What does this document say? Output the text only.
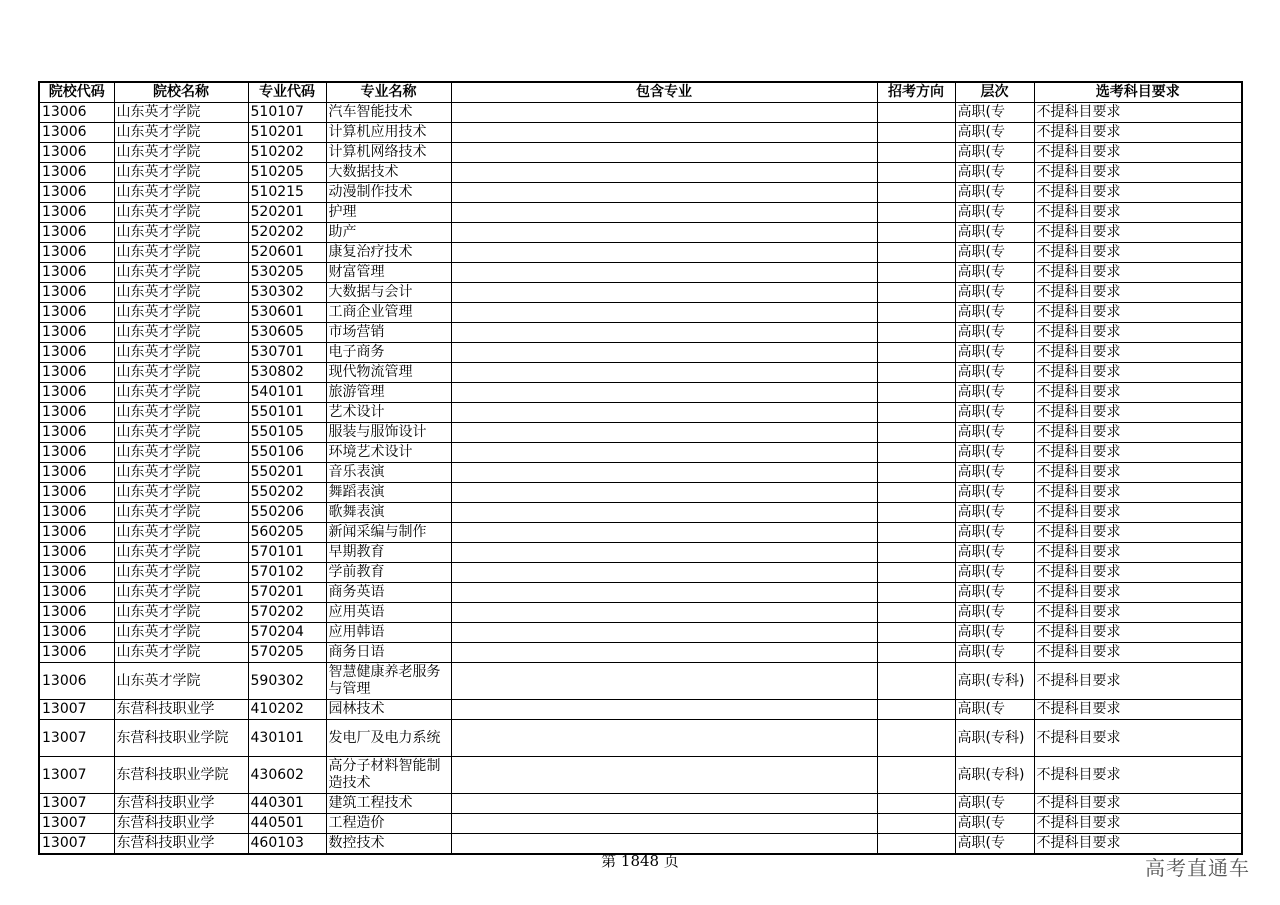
院校代码	院校名称	专业代码	专业名称	包含专业	招考方向	层次	选考科目要求
13006	山东英才学院	510107	汽车智能技术			高职(专	不提科目要求
13006	山东英才学院	510201	计算机应用技术			高职(专	不提科目要求
13006	山东英才学院	510202	计算机网络技术			高职(专	不提科目要求
13006	山东英才学院	510205	大数据技术			高职(专	不提科目要求
13006	山东英才学院	510215	动漫制作技术			高职(专	不提科目要求
13006	山东英才学院	520201	护理			高职(专	不提科目要求
13006	山东英才学院	520202	助产			高职(专	不提科目要求
13006	山东英才学院	520601	康复治疗技术			高职(专	不提科目要求
13006	山东英才学院	530205	财富管理			高职(专	不提科目要求
13006	山东英才学院	530302	大数据与会计			高职(专	不提科目要求
13006	山东英才学院	530601	工商企业管理			高职(专	不提科目要求
13006	山东英才学院	530605	市场营销			高职(专	不提科目要求
13006	山东英才学院	530701	电子商务			高职(专	不提科目要求
13006	山东英才学院	530802	现代物流管理			高职(专	不提科目要求
13006	山东英才学院	540101	旅游管理			高职(专	不提科目要求
13006	山东英才学院	550101	艺术设计			高职(专	不提科目要求
13006	山东英才学院	550105	服装与服饰设计			高职(专	不提科目要求
13006	山东英才学院	550106	环境艺术设计			高职(专	不提科目要求
13006	山东英才学院	550201	音乐表演			高职(专	不提科目要求
13006	山东英才学院	550202	舞蹈表演			高职(专	不提科目要求
13006	山东英才学院	550206	歌舞表演			高职(专	不提科目要求
13006	山东英才学院	560205	新闻采编与制作			高职(专	不提科目要求
13006	山东英才学院	570101	早期教育			高职(专	不提科目要求
13006	山东英才学院	570102	学前教育			高职(专	不提科目要求
13006	山东英才学院	570201	商务英语			高职(专	不提科目要求
13006	山东英才学院	570202	应用英语			高职(专	不提科目要求
13006	山东英才学院	570204	应用韩语			高职(专	不提科目要求
13006	山东英才学院	570205	商务日语			高职(专	不提科目要求
13006	山东英才学院	590302	智慧健康养老服务与管理			高职(专科)	不提科目要求
13007	东营科技职业学	410202	园林技术			高职(专	不提科目要求
13007	东营科技职业学院	430101	发电厂及电力系统			高职(专科)	不提科目要求
13007	东营科技职业学院	430602	高分子材料智能制造技术			高职(专科)	不提科目要求
13007	东营科技职业学	440301	建筑工程技术			高职(专	不提科目要求
13007	东营科技职业学	440501	工程造价			高职(专	不提科目要求
13007	东营科技职业学	460103	数控技术			高职(专	不提科目要求
第 1848 页	高考直通车
